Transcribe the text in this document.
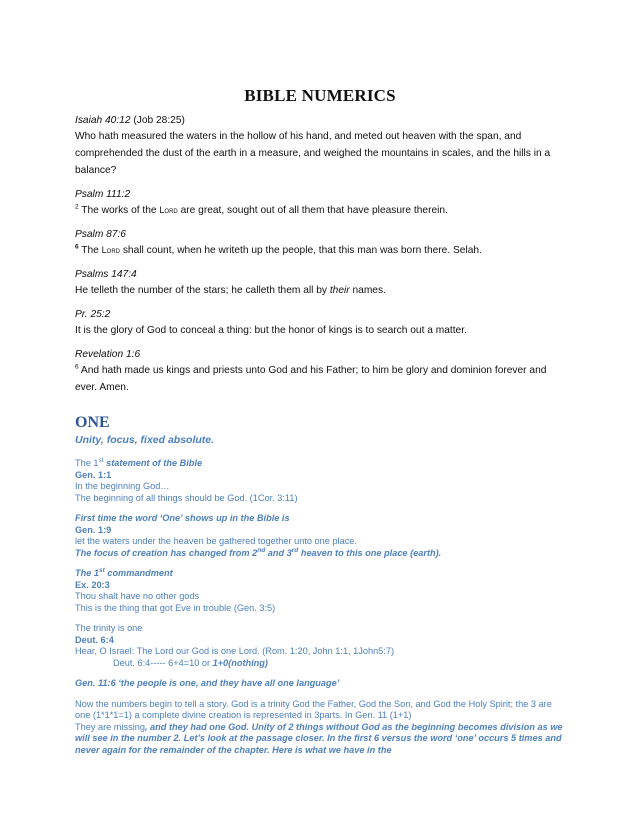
BIBLE NUMERICS
Isaiah 40:12 (Job 28:25)
Who hath measured the waters in the hollow of his hand, and meted out heaven with the span, and comprehended the dust of the earth in a measure, and weighed the mountains in scales, and the hills in a balance?
Psalm 111:2
$^2$ The works of the Lord are great, sought out of all them that have pleasure therein.
Psalm 87:6
$^6$ The Lord shall count, when he writeth up the people, that this man was born there. Selah.
Psalms 147:4
He telleth the number of the stars; he calleth them all by their names.
Pr. 25:2
It is the glory of God to conceal a thing: but the honor of kings is to search out a matter.
Revelation 1:6
$^6$ And hath made us kings and priests unto God and his Father; to him be glory and dominion forever and ever. Amen.
ONE
Unity, focus, fixed absolute.
The 1st statement of the Bible
Gen. 1:1
In the beginning God…
The beginning of all things should be God. (1Cor. 3:11)
First time the word ‘One’ shows up in the Bible is
Gen. 1:9
let the waters under the heaven be gathered together unto one place.
The focus of creation has changed from 2nd and 3rd heaven to this one place (earth).
The 1st commandment
Ex. 20:3
Thou shalt have no other gods
This is the thing that got Eve in trouble (Gen. 3:5)
The trinity is one
Deut. 6:4
Hear, O Israel: The Lord our God is one Lord. (Rom. 1:20, John 1:1, 1John5:7)
Deut. 6:4----- 6+4=10 or 1+0(nothing)
Gen. 11:6 ‘the people is one, and they have all one language’
Now the numbers begin to tell a story. God is a trinity God the Father, God the Son, and God the Holy Spirit; the 3 are one (1*1*1=1) a complete divine creation is represented in 3parts. In Gen. 11 (1+1)
They are missing, and they had one God. Unity of 2 things without God as the beginning becomes division as we will see in the number 2. Let’s look at the passage closer. In the first 6 versus the word ‘one’ occurs 5 times and never again for the remainder of the chapter. Here is what we have in the
